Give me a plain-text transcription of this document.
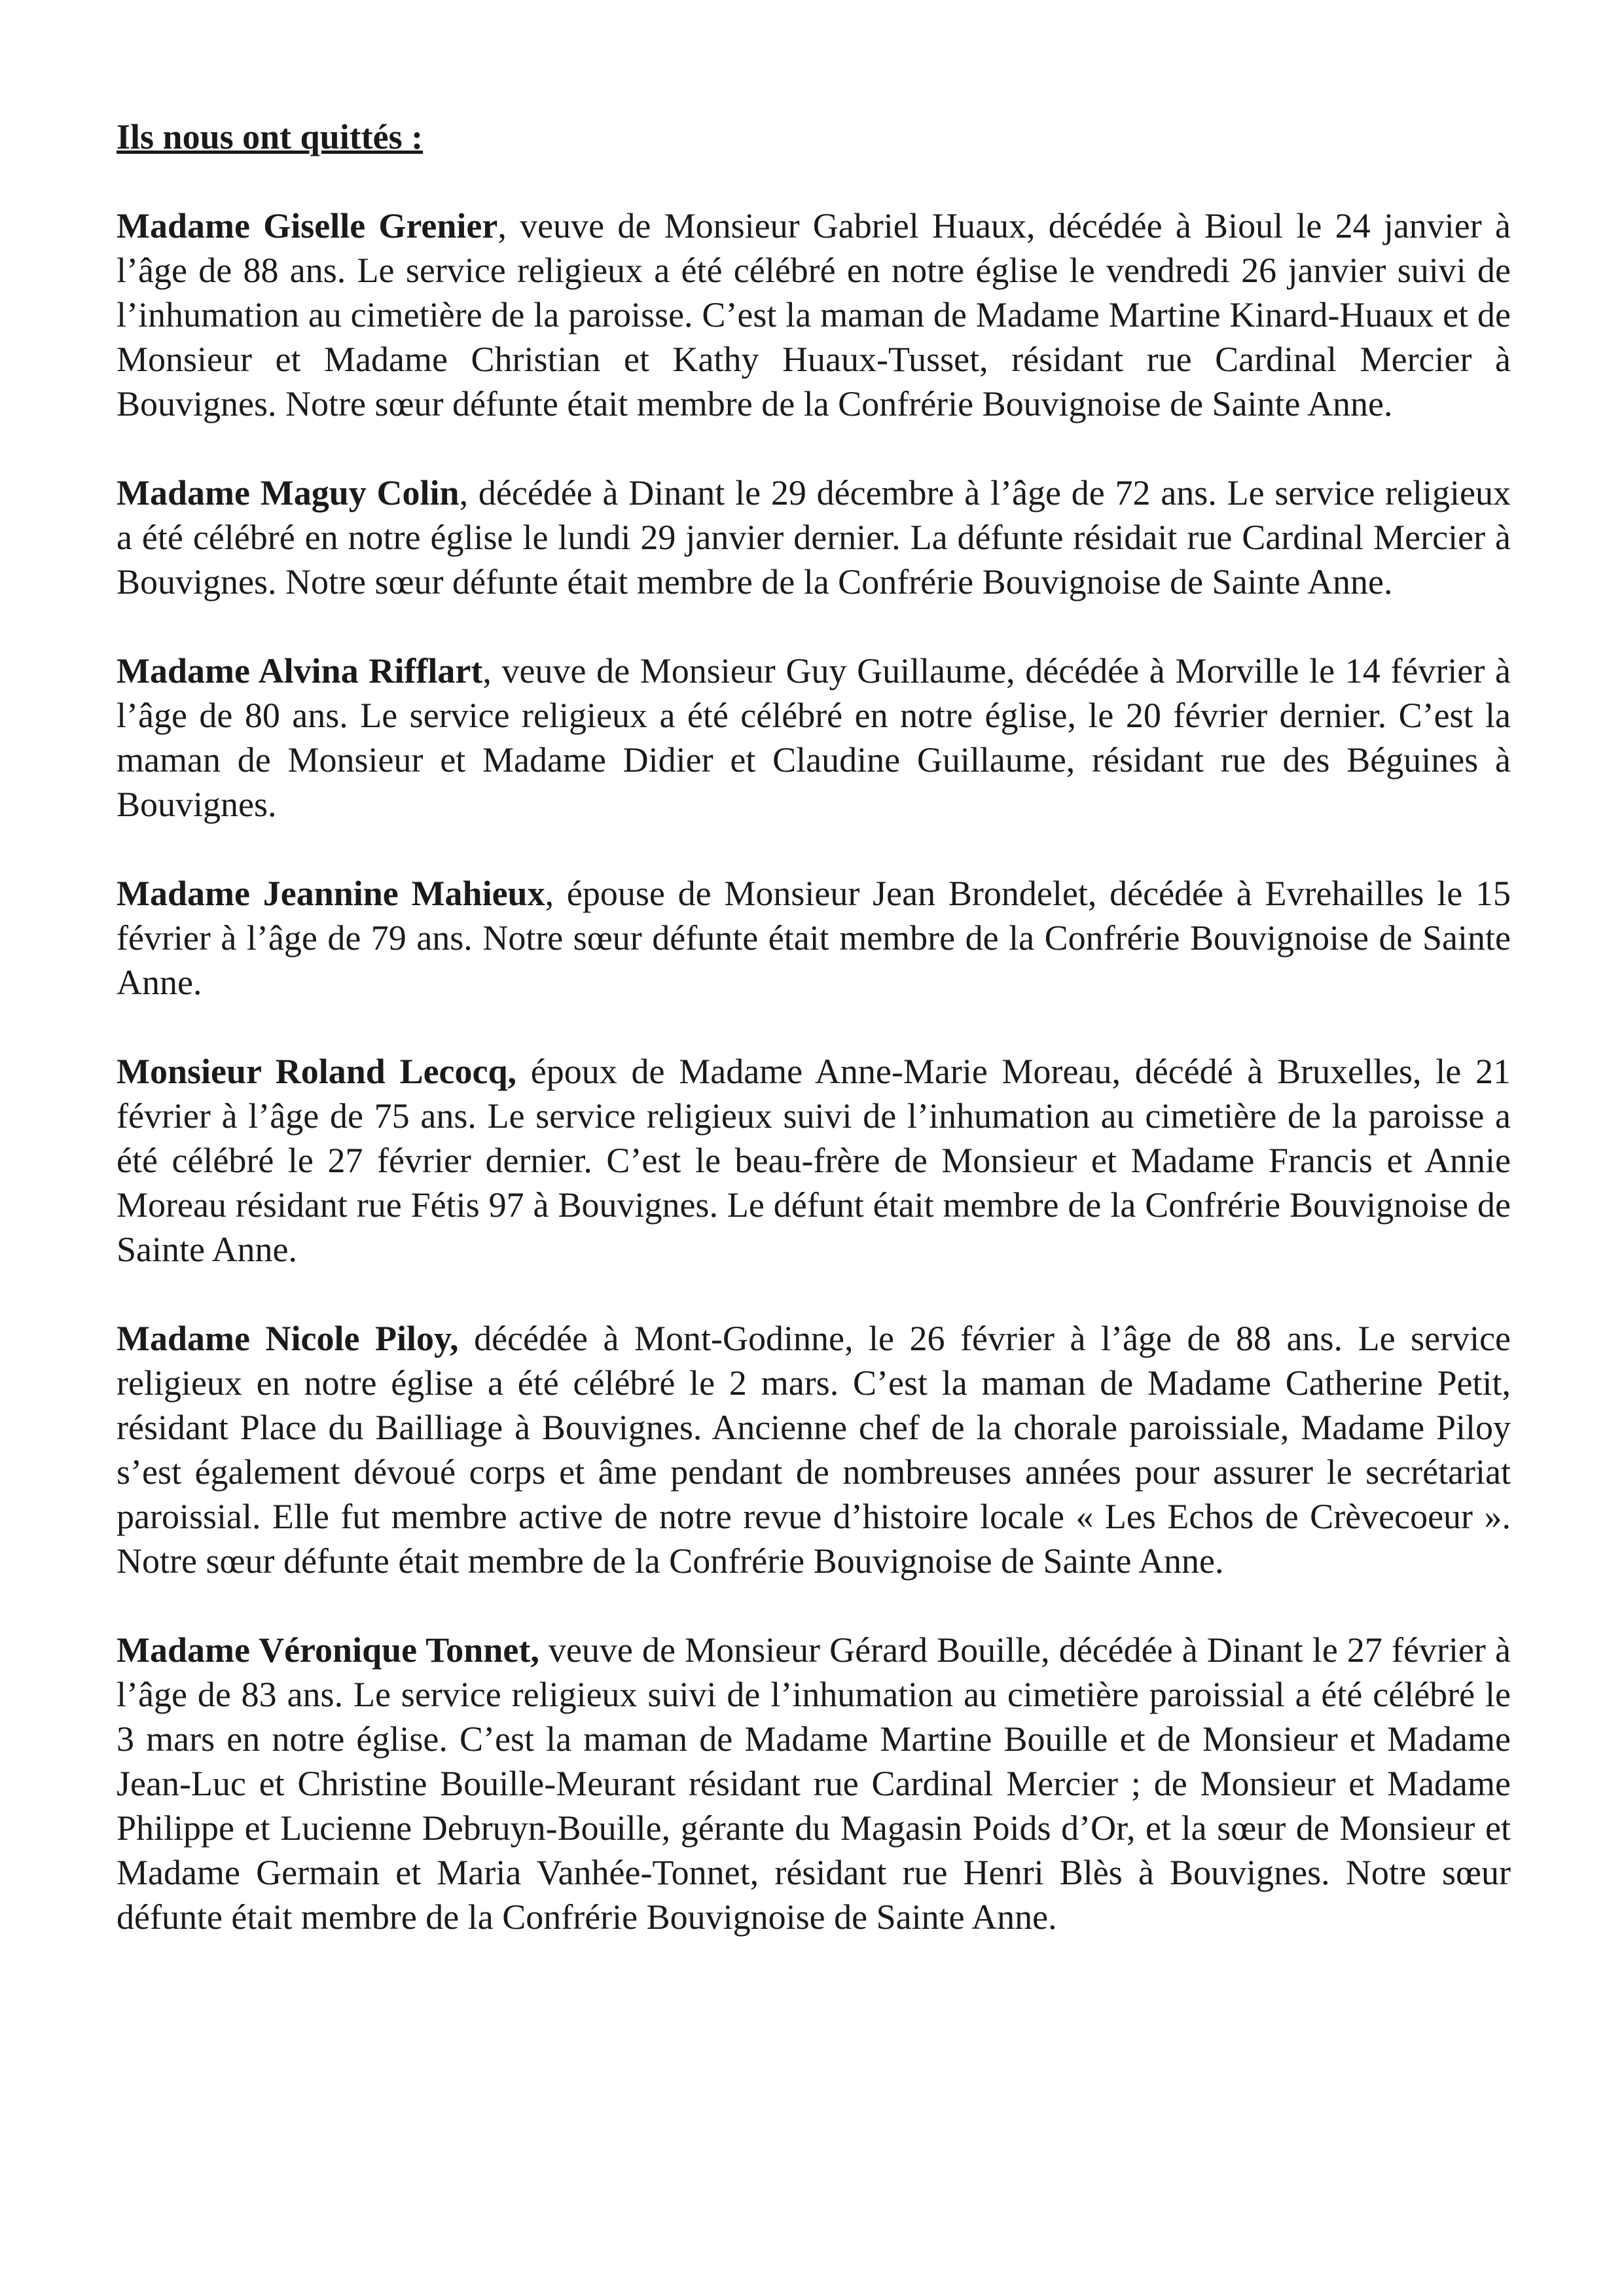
Ils nous ont quittés :

Madame Giselle Grenier, veuve de Monsieur Gabriel Huaux, décédée à Bioul le 24 janvier à l’âge de 88 ans. Le service religieux a été célébré en notre église le vendredi 26 janvier suivi de l’inhumation au cimetière de la paroisse. C’est la maman de Madame Martine Kinard-Huaux et de Monsieur et Madame Christian et Kathy Huaux-Tusset, résidant rue Cardinal Mercier à Bouvignes. Notre sœur défunte était membre de la Confrérie Bouvignoise de Sainte Anne.

Madame Maguy Colin, décédée à Dinant le 29 décembre à l’âge de 72 ans. Le service religieux a été célébré en notre église le lundi 29 janvier dernier. La défunte résidait rue Cardinal Mercier à Bouvignes. Notre sœur défunte était membre de la Confrérie Bouvignoise de Sainte Anne.

Madame Alvina Rifflart, veuve de Monsieur Guy Guillaume, décédée à Morville le 14 février à l’âge de 80 ans. Le service religieux a été célébré en notre église, le 20 février dernier. C’est la maman de Monsieur et Madame Didier et Claudine Guillaume, résidant rue des Béguines à Bouvignes.

Madame Jeannine Mahieux, épouse de Monsieur Jean Brondelet, décédée à Evrehailles le 15 février à l’âge de 79 ans. Notre sœur défunte était membre de la Confrérie Bouvignoise de Sainte Anne.

Monsieur Roland Lecocq, époux de Madame Anne-Marie Moreau, décédé à Bruxelles, le 21 février à l’âge de 75 ans. Le service religieux suivi de l’inhumation au cimetière de la paroisse a été célébré le 27 février dernier. C’est le beau-frère de Monsieur et Madame Francis et Annie Moreau résidant rue Fétis 97 à Bouvignes. Le défunt était membre de la Confrérie Bouvignoise de Sainte Anne.

Madame Nicole Piloy, décédée à Mont-Godinne, le 26 février à l’âge de 88 ans. Le service religieux en notre église a été célébré le 2 mars. C’est la maman de Madame Catherine Petit, résidant Place du Bailliage à Bouvignes. Ancienne chef de la chorale paroissiale, Madame Piloy s’est également dévoué corps et âme pendant de nombreuses années pour assurer le secrétariat paroissial. Elle fut membre active de notre revue d’histoire locale « Les Echos de Crèvecoeur ». Notre sœur défunte était membre de la Confrérie Bouvignoise de Sainte Anne.

Madame Véronique Tonnet, veuve de Monsieur Gérard Bouille, décédée à Dinant le 27 février à l’âge de 83 ans. Le service religieux suivi de l’inhumation au cimetière paroissial a été célébré le 3 mars en notre église. C’est la maman de Madame Martine Bouille et de Monsieur et Madame Jean-Luc et Christine Bouille-Meurant résidant rue Cardinal Mercier ; de Monsieur et Madame Philippe et Lucienne Debruyn-Bouille, gérante du Magasin Poids d’Or, et la sœur de Monsieur et Madame Germain et Maria Vanhée-Tonnet, résidant rue Henri Blès à Bouvignes. Notre sœur défunte était membre de la Confrérie Bouvignoise de Sainte Anne.
